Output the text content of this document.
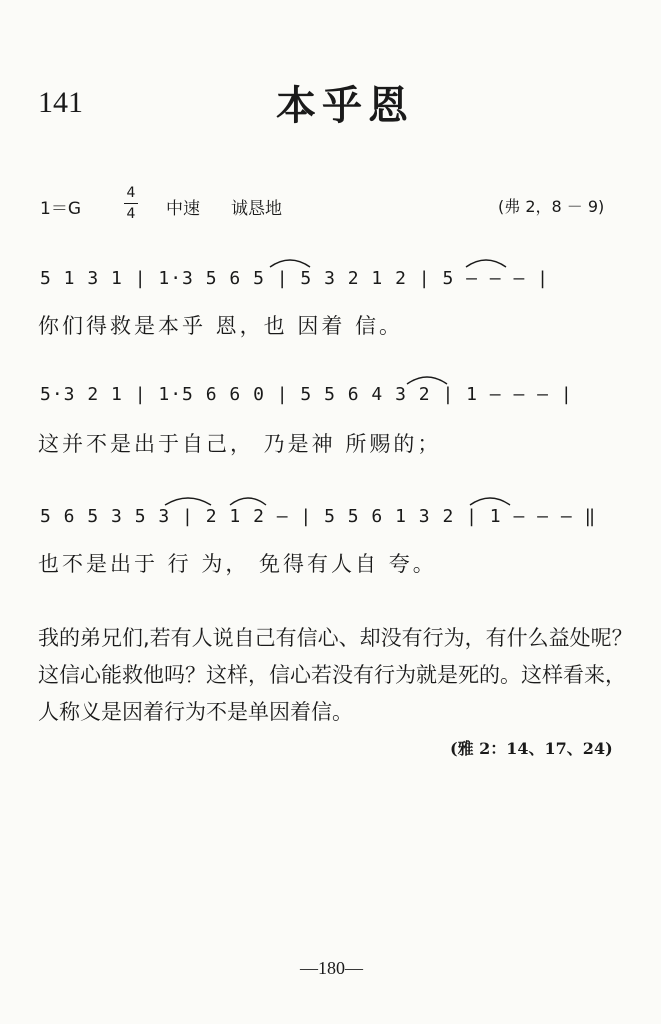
141	本乎恩
1＝G
4
4 中速 诚恳地	(弗 2，8 － 9)
5 1 3 1 | 1·3 5 6 5 | 5 3 2 1 2 | 5 – – – |
你们得救是本乎 恩，也 因着 信。
5·3 2 1 | 1·5 6 6 0 | 5 5 6 4 3 2 | 1 – – – |
这并不是出于自己， 乃是神 所赐的；
5 6 5 3 5 3 | 2 1 2 – | 5 5 6 1 3 2 | 1 – – – ‖
也不是出于 行 为， 免得有人自 夸。
我的弟兄们,若有人说自己有信心、却没有行为，有什么益处呢？这信心能救他吗？这样，信心若没有行为就是死的。这样看来，人称义是因着行为不是单因着信。
(雅 2：14、17、24)
—180—
